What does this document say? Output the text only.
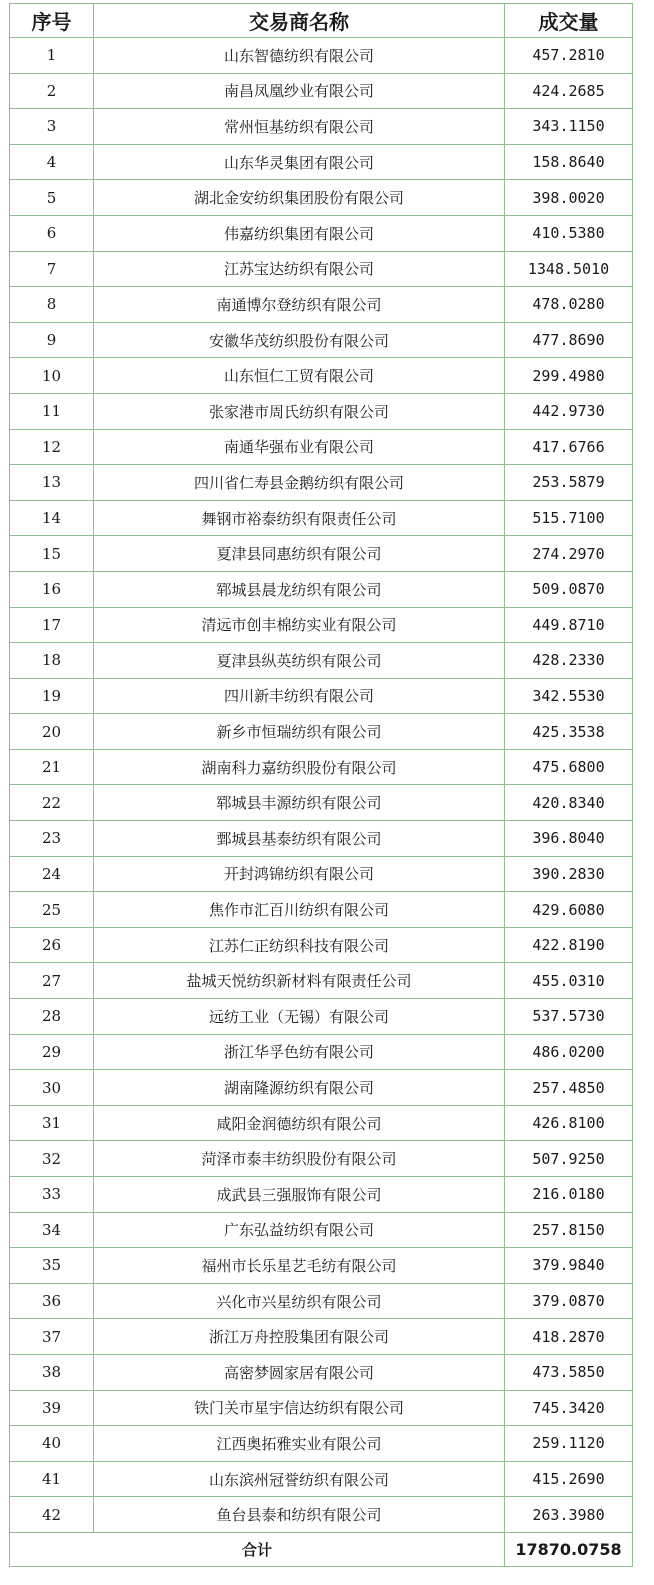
序号	交易商名称	成交量
1	山东智德纺织有限公司	457.2810
2	南昌凤凰纱业有限公司	424.2685
3	常州恒基纺织有限公司	343.1150
4	山东华灵集团有限公司	158.8640
5	湖北金安纺织集团股份有限公司	398.0020
6	伟嘉纺织集团有限公司	410.5380
7	江苏宝达纺织有限公司	1348.5010
8	南通博尔登纺织有限公司	478.0280
9	安徽华茂纺织股份有限公司	477.8690
10	山东恒仁工贸有限公司	299.4980
11	张家港市周氏纺织有限公司	442.9730
12	南通华强布业有限公司	417.6766
13	四川省仁寿县金鹅纺织有限公司	253.5879
14	舞钢市裕泰纺织有限责任公司	515.7100
15	夏津县同惠纺织有限公司	274.2970
16	郓城县晨龙纺织有限公司	509.0870
17	清远市创丰棉纺实业有限公司	449.8710
18	夏津县纵英纺织有限公司	428.2330
19	四川新丰纺织有限公司	342.5530
20	新乡市恒瑞纺织有限公司	425.3538
21	湖南科力嘉纺织股份有限公司	475.6800
22	郓城县丰源纺织有限公司	420.8340
23	鄄城县基泰纺织有限公司	396.8040
24	开封鸿锦纺织有限公司	390.2830
25	焦作市汇百川纺织有限公司	429.6080
26	江苏仁正纺织科技有限公司	422.8190
27	盐城天悦纺织新材料有限责任公司	455.0310
28	远纺工业（无锡）有限公司	537.5730
29	浙江华孚色纺有限公司	486.0200
30	湖南隆源纺织有限公司	257.4850
31	咸阳金润德纺织有限公司	426.8100
32	菏泽市泰丰纺织股份有限公司	507.9250
33	成武县三强服饰有限公司	216.0180
34	广东弘益纺织有限公司	257.8150
35	福州市长乐星艺毛纺有限公司	379.9840
36	兴化市兴星纺织有限公司	379.0870
37	浙江万舟控股集团有限公司	418.2870
38	高密梦圆家居有限公司	473.5850
39	铁门关市星宇信达纺织有限公司	745.3420
40	江西奥拓雅实业有限公司	259.1120
41	山东滨州冠誉纺织有限公司	415.2690
42	鱼台县泰和纺织有限公司	263.3980
合计		17870.0758
